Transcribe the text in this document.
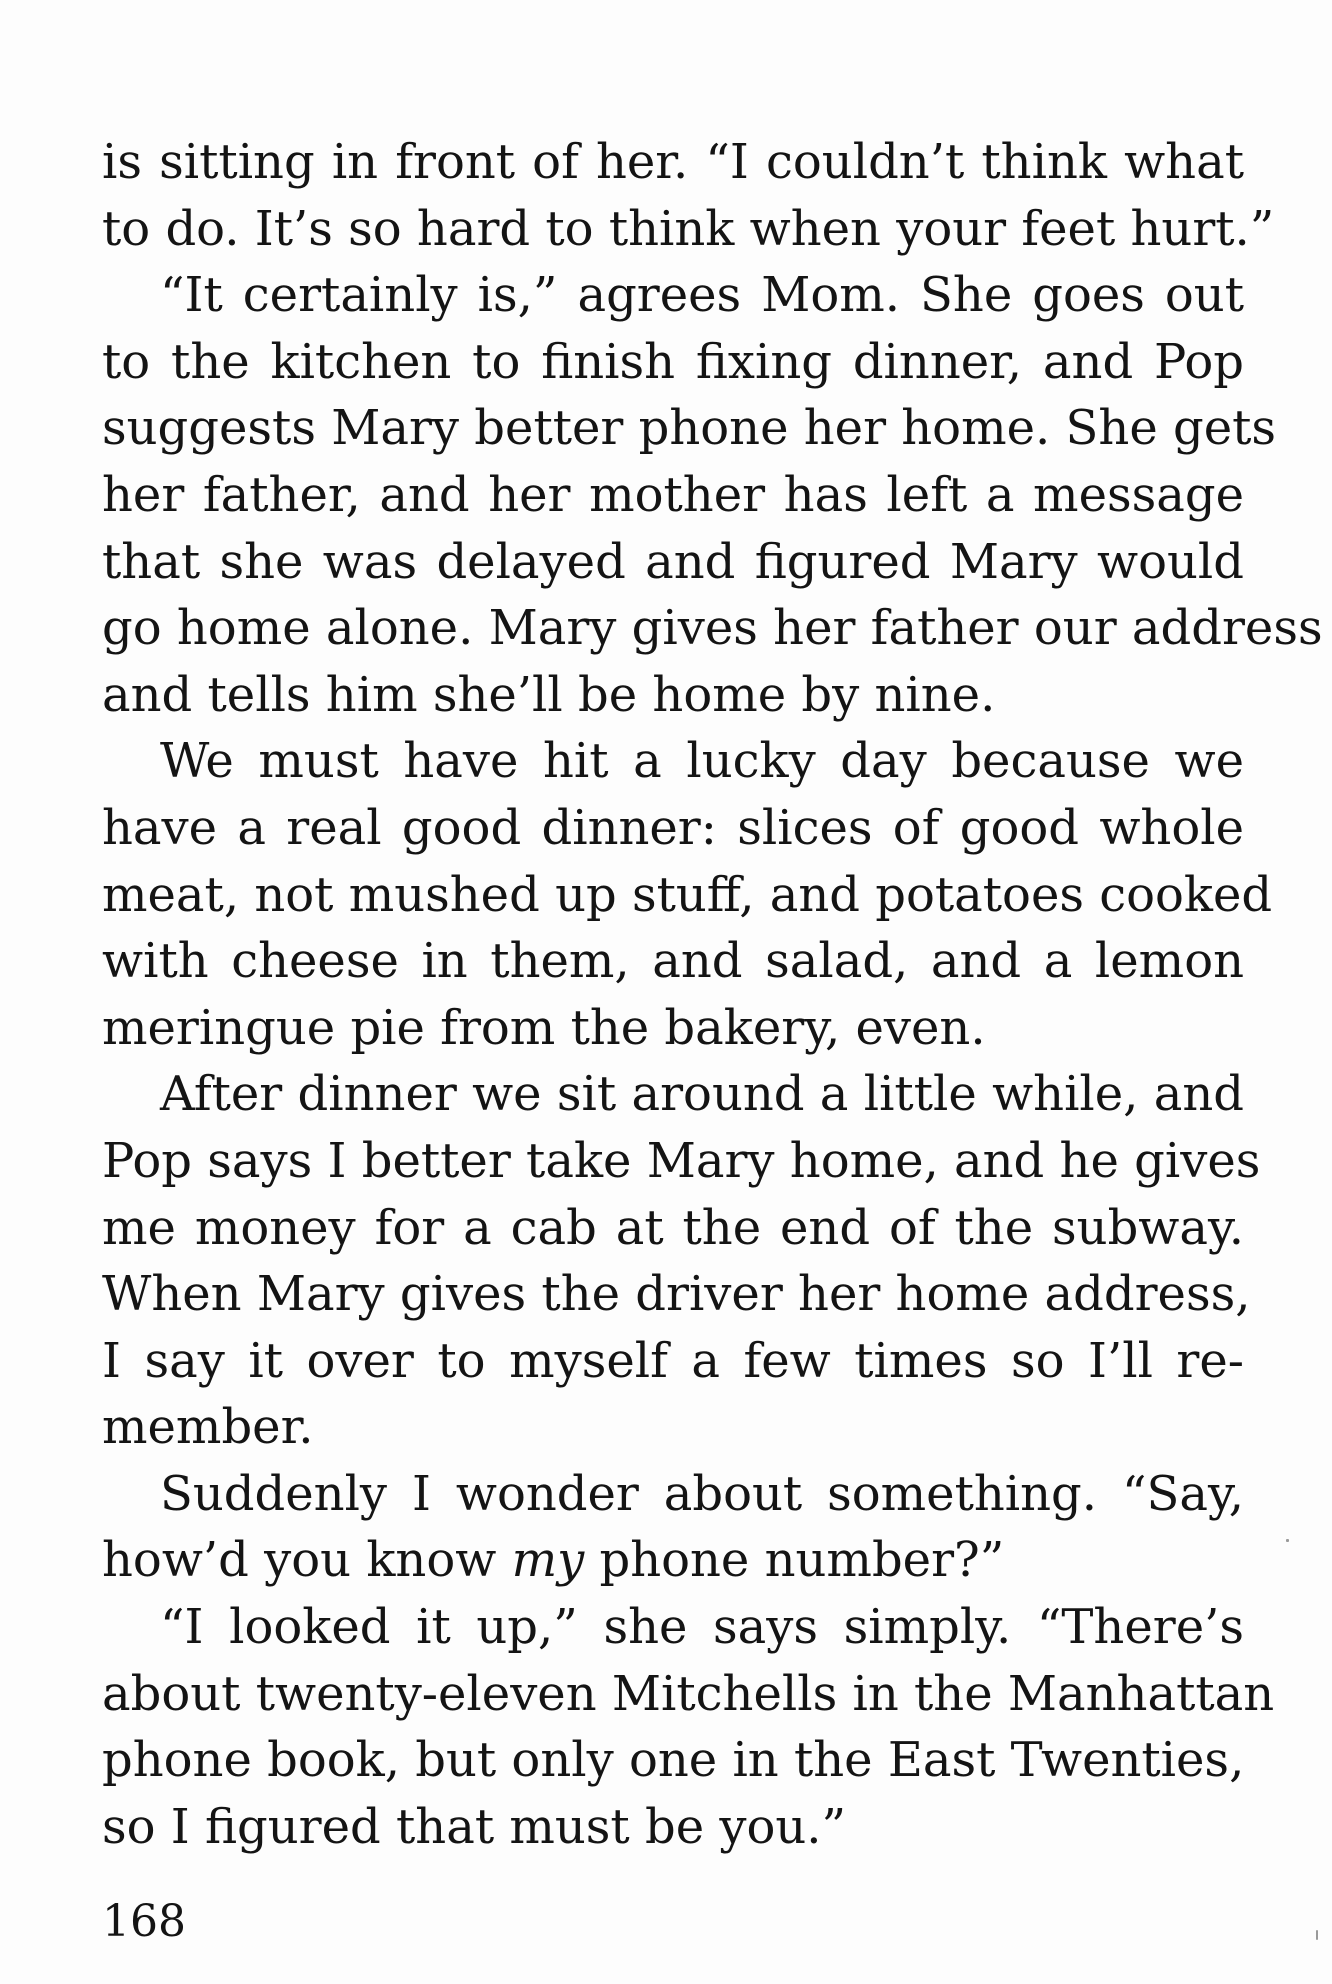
is sitting in front of her. “I couldn’t think what
to do. It’s so hard to think when your feet hurt.”

“It certainly is,” agrees Mom. She goes out
to the kitchen to finish fixing dinner, and Pop
suggests Mary better phone her home. She gets
her father, and her mother has left a message
that she was delayed and figured Mary would
go home alone. Mary gives her father our address
and tells him she’ll be home by nine.

We must have hit a lucky day because we
have a real good dinner: slices of good whole
meat, not mushed up stuff, and potatoes cooked
with cheese in them, and salad, and a lemon
meringue pie from the bakery, even.

After dinner we sit around a little while, and
Pop says I better take Mary home, and he gives
me money for a cab at the end of the subway.
When Mary gives the driver her home address,
I say it over to myself a few times so I’ll re-
member.

Suddenly I wonder about something. “Say,
how’d you know my phone number?”

“I looked it up,” she says simply. “There’s
about twenty-eleven Mitchells in the Manhattan
phone book, but only one in the East Twenties,
so I figured that must be you.”

168
